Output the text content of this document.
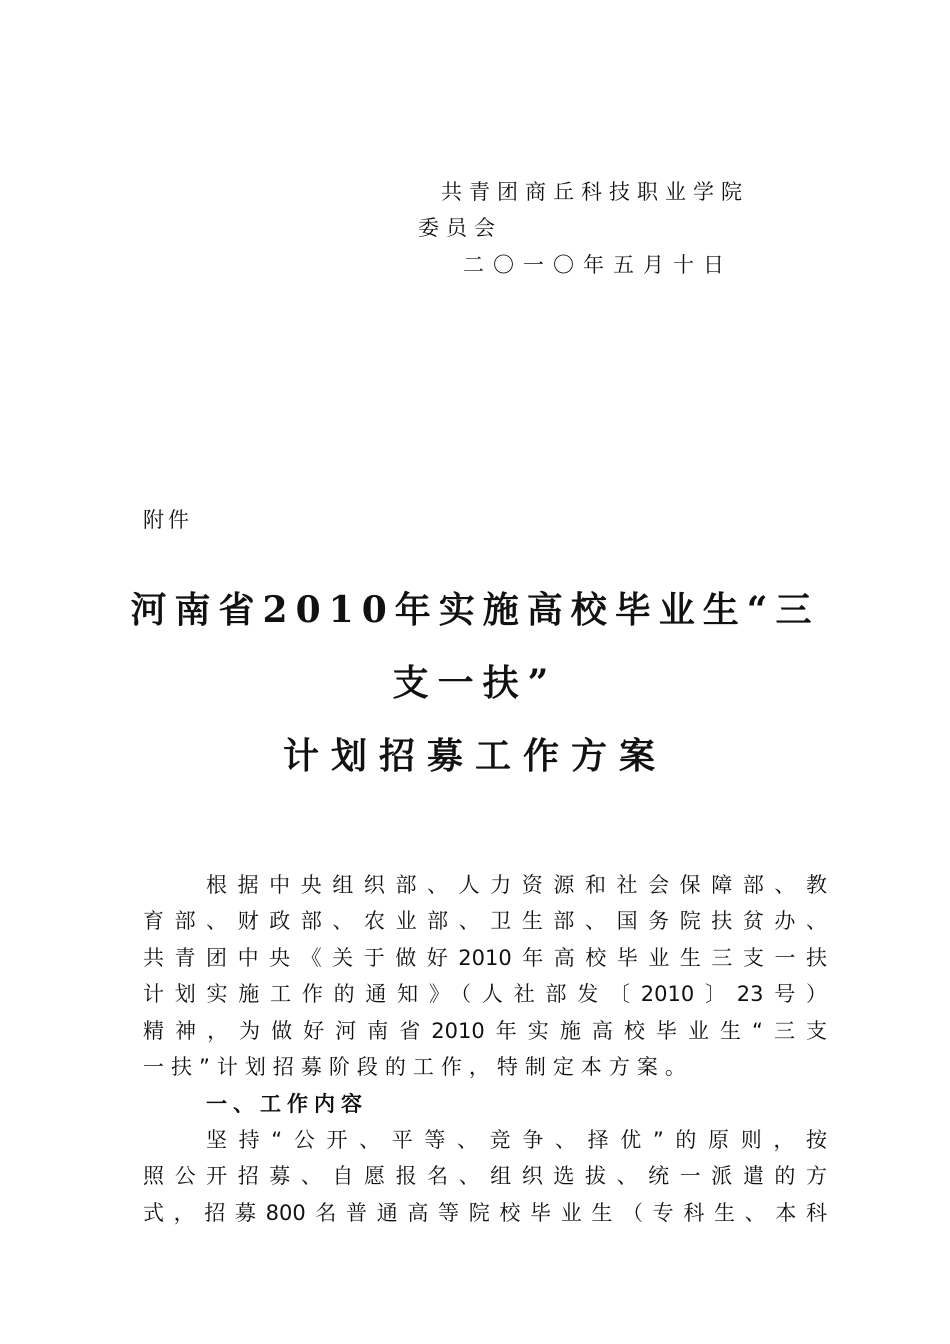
共青团商丘科技职业学院
委员会
二〇一〇年五月十日
附件
河南省2010年实施高校毕业生“三
支一扶”
计划招募工作方案
根据中央组织部、人力资源和社会保障部、教
育部、财政部、农业部、卫生部、国务院扶贫办、
共青团中央《关于做好2010年高校毕业生三支一扶
计划实施工作的通知》（人社部发〔2010〕23号）
精神，为做好河南省2010年实施高校毕业生“三支
一扶”计划招募阶段的工作，特制定本方案。
一、工作内容
坚持“公开、平等、竞争、择优”的原则，按
照公开招募、自愿报名、组织选拔、统一派遣的方
式，招募800名普通高等院校毕业生（专科生、本科
